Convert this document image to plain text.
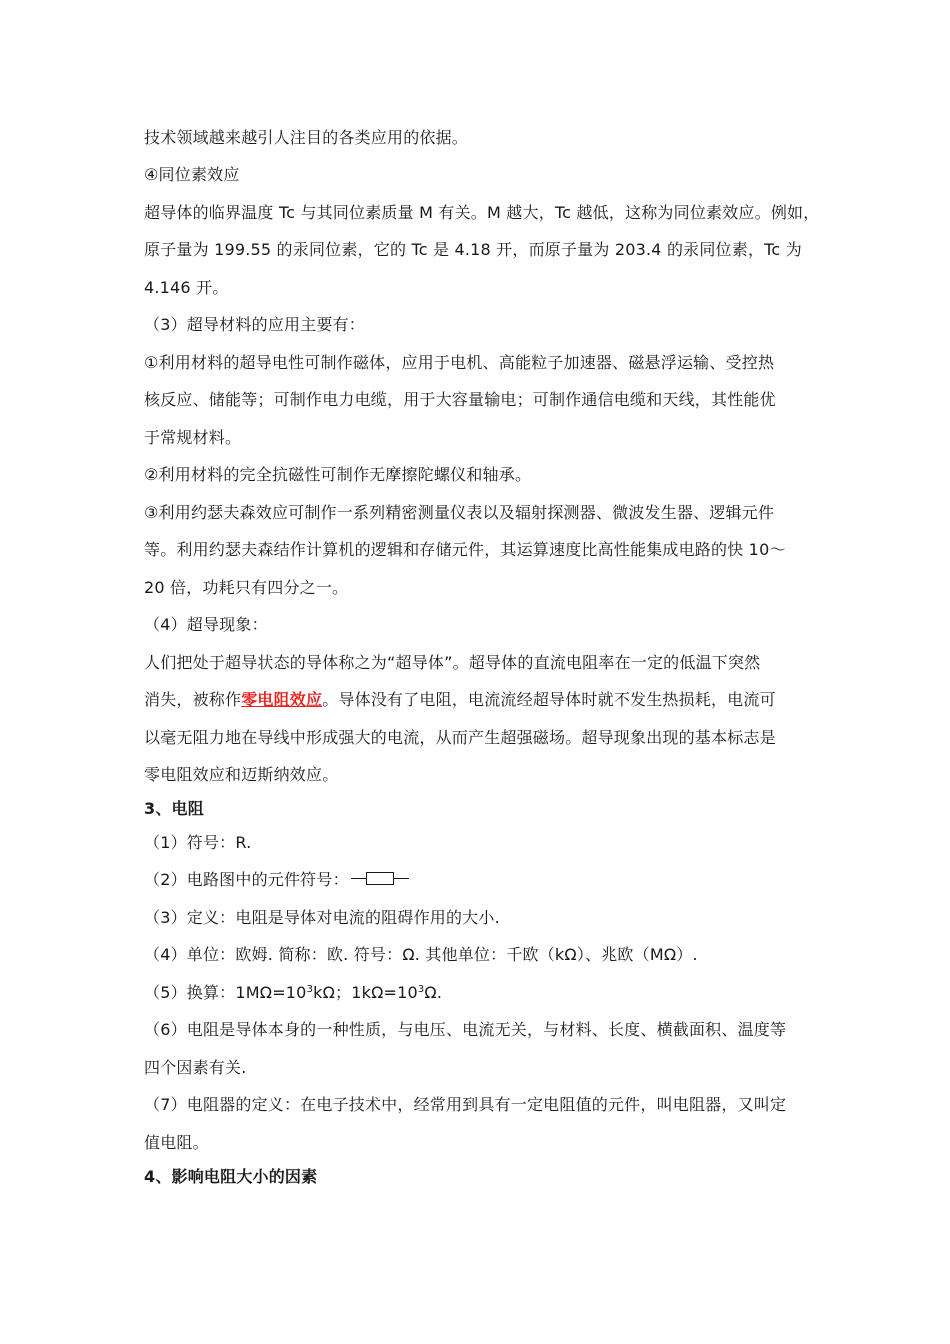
技术领域越来越引人注目的各类应用的依据。
④同位素效应
超导体的临界温度 Tc 与其同位素质量 M 有关。M 越大，Tc 越低，这称为同位素效应。例如，
原子量为 199.55 的汞同位素，它的 Tc 是 4.18 开，而原子量为 203.4 的汞同位素，Tc 为
4.146 开。
（3）超导材料的应用主要有：
①利用材料的超导电性可制作磁体，应用于电机、高能粒子加速器、磁悬浮运输、受控热
核反应、储能等；可制作电力电缆，用于大容量输电；可制作通信电缆和天线，其性能优
于常规材料。
②利用材料的完全抗磁性可制作无摩擦陀螺仪和轴承。
③利用约瑟夫森效应可制作一系列精密测量仪表以及辐射探测器、微波发生器、逻辑元件
等。利用约瑟夫森结作计算机的逻辑和存储元件，其运算速度比高性能集成电路的快 10～
20 倍，功耗只有四分之一。
（4）超导现象：
人们把处于超导状态的导体称之为“超导体”。超导体的直流电阻率在一定的低温下突然
消失，被称作零电阻效应。导体没有了电阻，电流流经超导体时就不发生热损耗，电流可
以毫无阻力地在导线中形成强大的电流，从而产生超强磁场。超导现象出现的基本标志是
零电阻效应和迈斯纳效应。
3、电阻
（1）符号：R.
（2）电路图中的元件符号：
（3）定义：电阻是导体对电流的阻碍作用的大小.
（4）单位：欧姆. 简称：欧. 符号：Ω. 其他单位：千欧（kΩ）、兆欧（MΩ）.
（5）换算：$1M\Omega=10^3k\Omega$；$1k\Omega=10^3\Omega$.
（6）电阻是导体本身的一种性质，与电压、电流无关，与材料、长度、横截面积、温度等
四个因素有关.
（7）电阻器的定义：在电子技术中，经常用到具有一定电阻值的元件，叫电阻器，又叫定
值电阻。
4、影响电阻大小的因素
